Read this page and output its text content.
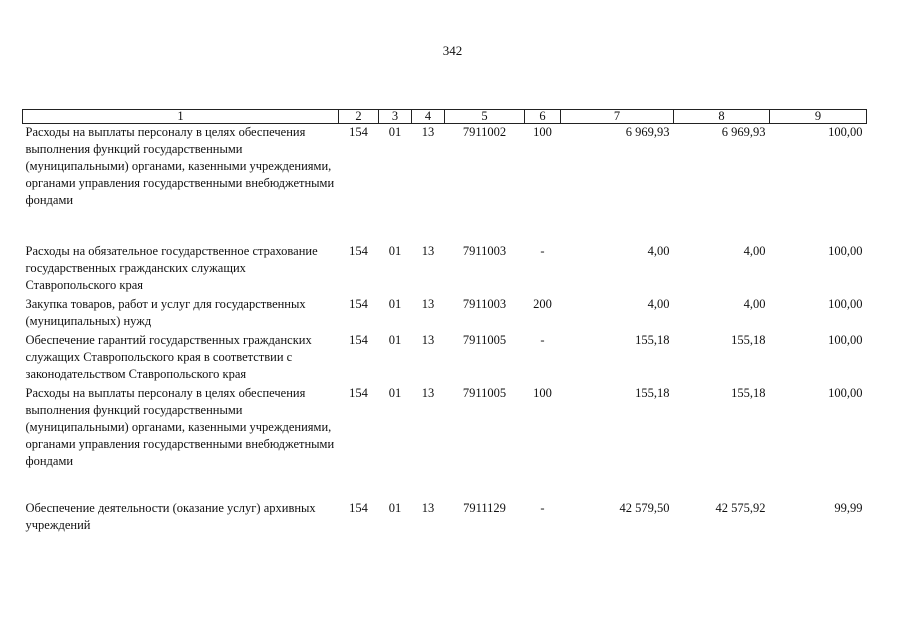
342
1	2	3	4	5	6	7	8	9
Расходы на выплаты персоналу в целях обеспечения выполнения функций государственными (муниципальными) органами, казенными учреждениями, органами управления государственными внебюджетными фондами	154	01	13	7911002	100	6 969,93	6 969,93	100,00

Расходы на обязательное государственное страхование государственных гражданских служащих Ставропольского края	154	01	13	7911003	-	4,00	4,00	100,00

Закупка товаров, работ и услуг для государственных (муниципальных) нужд	154	01	13	7911003	200	4,00	4,00	100,00

Обеспечение гарантий государственных гражданских служащих Ставропольского края в соответствии с законодательством Ставропольского края	154	01	13	7911005	-	155,18	155,18	100,00

Расходы на выплаты персоналу в целях обеспечения выполнения функций государственными (муниципальными) органами, казенными учреждениями, органами управления государственными внебюджетными фондами	154	01	13	7911005	100	155,18	155,18	100,00

Обеспечение деятельности (оказание услуг) архивных учреждений	154	01	13	7911129	-	42 579,50	42 575,92	99,99
